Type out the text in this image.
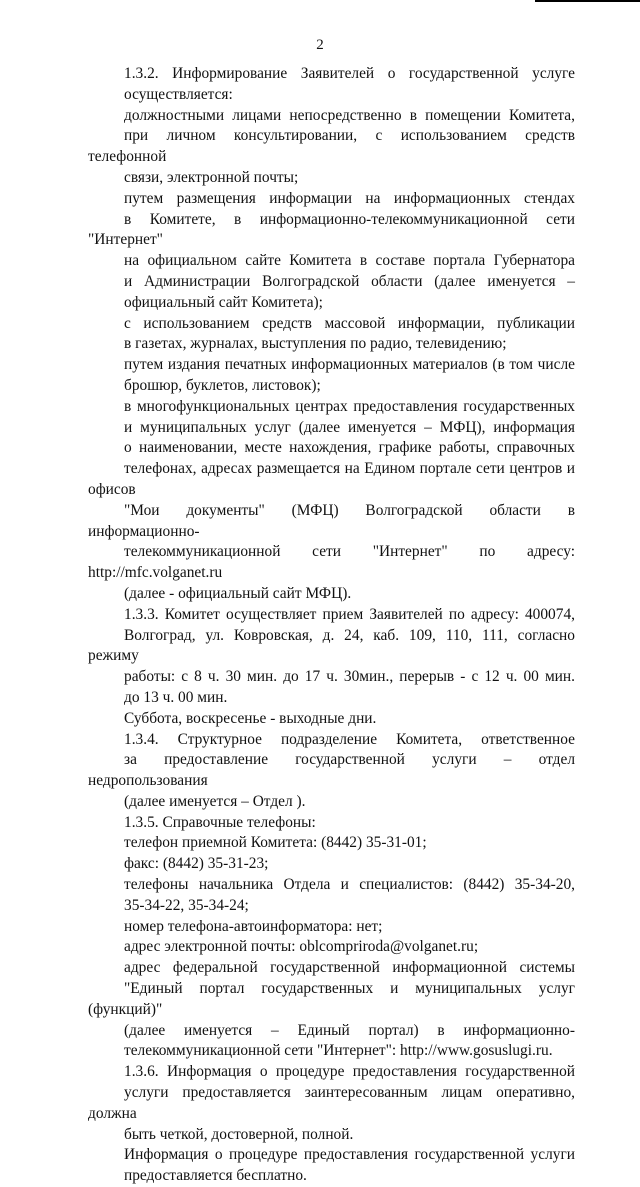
2

1.3.2. Информирование Заявителей о государственной услуге
осуществляется:

должностными лицами непосредственно в помещении Комитета,
при личном консультировании, с использованием средств телефонной
связи, электронной почты;

путем размещения информации на информационных стендах
в Комитете, в информационно-телекоммуникационной сети "Интернет"
на официальном сайте Комитета в составе портала Губернатора
и Администрации Волгоградской области (далее именуется –
официальный сайт Комитета);

с использованием средств массовой информации, публикации
в газетах, журналах, выступления по радио, телевидению;

путем издания печатных информационных материалов (в том числе
брошюр, буклетов, листовок);

в многофункциональных центрах предоставления государственных
и муниципальных услуг (далее именуется – МФЦ), информация
о наименовании, месте нахождения, графике работы, справочных
телефонах, адресах размещается на Едином портале сети центров и офисов
"Мои документы" (МФЦ) Волгоградской области в информационно-
телекоммуникационной сети "Интернет" по адресу: http://mfc.volganet.ru
(далее - официальный сайт МФЦ).

1.3.3. Комитет осуществляет прием Заявителей по адресу: 400074,
Волгоград, ул. Ковровская, д. 24, каб. 109, 110, 111, согласно режиму
работы: с 8 ч. 30 мин. до 17 ч. 30мин., перерыв - с 12 ч. 00 мин.
до 13 ч. 00 мин.

Суббота, воскресенье - выходные дни.

1.3.4. Структурное подразделение Комитета, ответственное
за предоставление государственной услуги – отдел недропользования
(далее именуется – Отдел ).

1.3.5. Справочные телефоны:

телефон приемной Комитета: (8442) 35-31-01;

факс: (8442) 35-31-23;

телефоны начальника Отдела и специалистов: (8442) 35-34-20,
35-34-22, 35-34-24;

номер телефона-автоинформатора: нет;

адрес электронной почты: oblcomprіroda@volganet.ru;

адрес федеральной государственной информационной системы
"Единый портал государственных и муниципальных услуг (функций)"
(далее именуется – Единый портал) в информационно-
телекоммуникационной сети "Интернет": http://www.gosuslugi.ru.

1.3.6. Информация о процедуре предоставления государственной
услуги предоставляется заинтересованным лицам оперативно, должна
быть четкой, достоверной, полной.

Информация о процедуре предоставления государственной услуги
предоставляется бесплатно.
